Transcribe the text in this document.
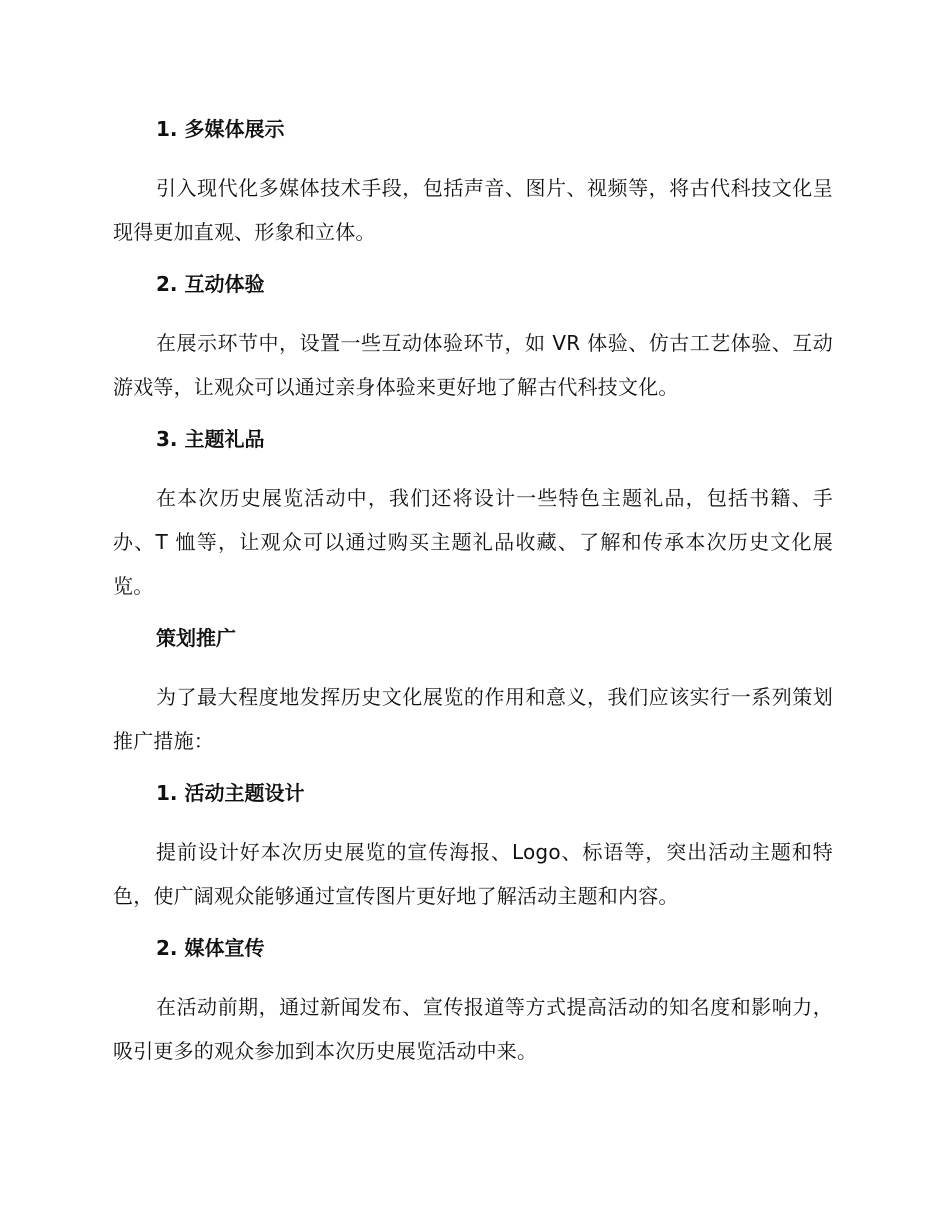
1. 多媒体展示
引入现代化多媒体技术手段，包括声音、图片、视频等，将古代科技文化呈现得更加直观、形象和立体。
2. 互动体验
在展示环节中，设置一些互动体验环节，如 VR 体验、仿古工艺体验、互动游戏等，让观众可以通过亲身体验来更好地了解古代科技文化。
3. 主题礼品
在本次历史展览活动中，我们还将设计一些特色主题礼品，包括书籍、手办、T 恤等，让观众可以通过购买主题礼品收藏、了解和传承本次历史文化展览。
策划推广
为了最大程度地发挥历史文化展览的作用和意义，我们应该实行一系列策划推广措施：
1. 活动主题设计
提前设计好本次历史展览的宣传海报、Logo、标语等，突出活动主题和特色，使广阔观众能够通过宣传图片更好地了解活动主题和内容。
2. 媒体宣传
在活动前期，通过新闻发布、宣传报道等方式提高活动的知名度和影响力，吸引更多的观众参加到本次历史展览活动中来。
